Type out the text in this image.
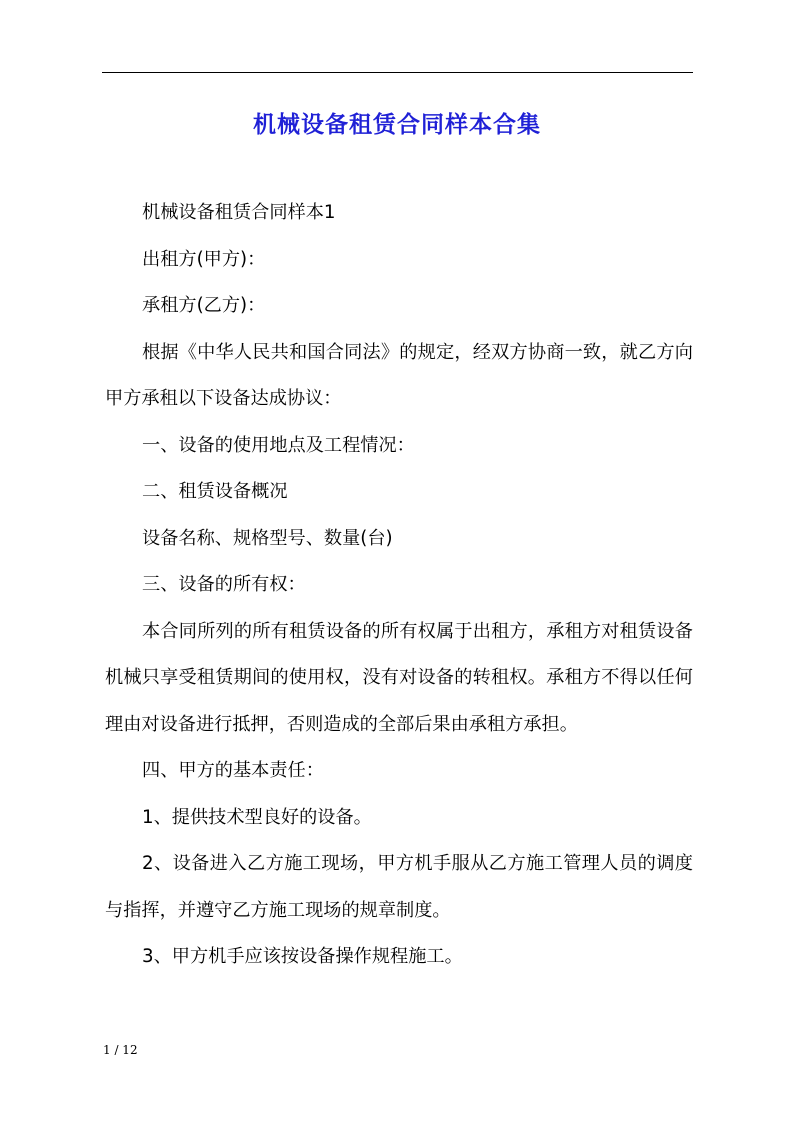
机械设备租赁合同样本合集

机械设备租赁合同样本1

出租方(甲方)：

承租方(乙方)：

根据《中华人民共和国合同法》的规定，经双方协商一致，就乙方向甲方承租以下设备达成协议：

一、设备的使用地点及工程情况：

二、租赁设备概况

设备名称、规格型号、数量(台)

三、设备的所有权：

本合同所列的所有租赁设备的所有权属于出租方，承租方对租赁设备机械只享受租赁期间的使用权，没有对设备的转租权。承租方不得以任何理由对设备进行抵押，否则造成的全部后果由承租方承担。

四、甲方的基本责任：

1、提供技术型良好的设备。

2、设备进入乙方施工现场，甲方机手服从乙方施工管理人员的调度与指挥，并遵守乙方施工现场的规章制度。

3、甲方机手应该按设备操作规程施工。

1 / 12
